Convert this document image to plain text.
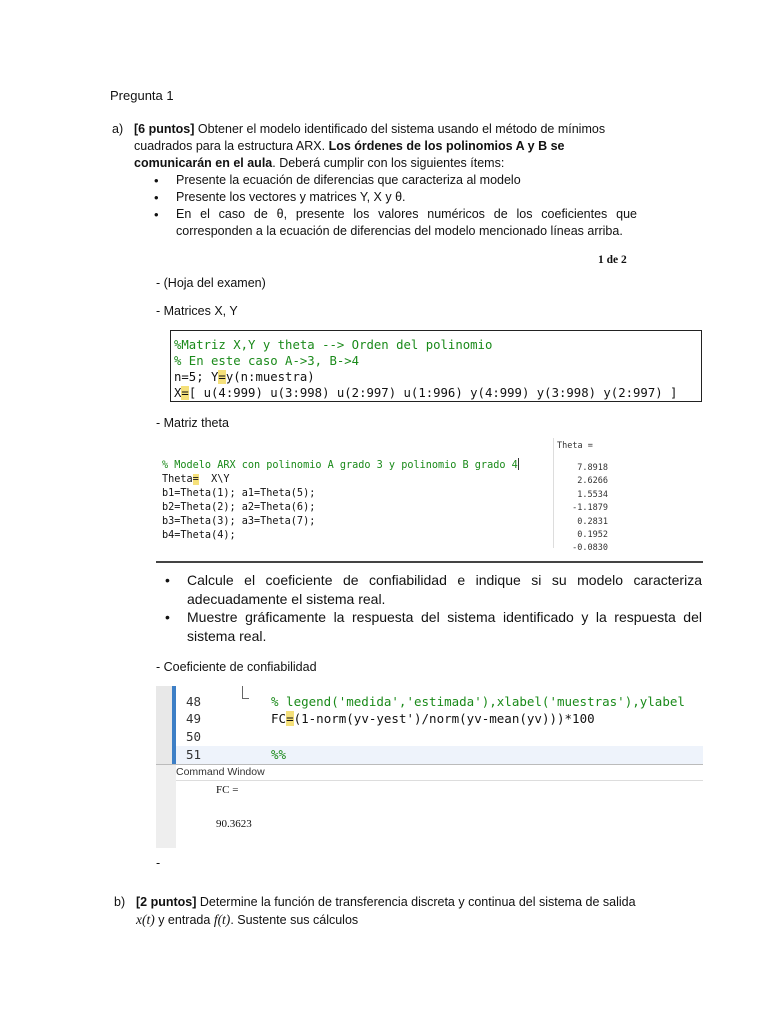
Pregunta 1
a) [6 puntos] Obtener el modelo identificado del sistema usando el método de mínimos cuadrados para la estructura ARX. Los órdenes de los polinomios A y B se comunicarán en el aula. Deberá cumplir con los siguientes ítems:
• Presente la ecuación de diferencias que caracteriza al modelo
• Presente los vectores y matrices Y, X y θ.
• En el caso de θ, presente los valores numéricos de los coeficientes que corresponden a la ecuación de diferencias del modelo mencionado líneas arriba.
1 de 2
- (Hoja del examen)
- Matrices X, Y
%Matriz X,Y y theta --> Orden del polinomio
% En este caso A->3, B->4
n=5; Y=y(n:muestra)
X=[ u(4:999) u(3:998) u(2:997) u(1:996) y(4:999) y(3:998) y(2:997) ]
- Matriz theta
% Modelo ARX con polinomio A grado 3 y polinomio B grado 4
Theta=  X\Y
b1=Theta(1); a1=Theta(5);
b2=Theta(2); a2=Theta(6);
b3=Theta(3); a3=Theta(7);
b4=Theta(4);
Theta =
7.8918
2.6266
1.5534
-1.1879
0.2831
0.1952
-0.0830
• Calcule el coeficiente de confiabilidad e indique si su modelo caracteriza adecuadamente el sistema real.
• Muestre gráficamente la respuesta del sistema identificado y la respuesta del sistema real.
- Coeficiente de confiabilidad
48	% legend('medida','estimada'),xlabel('muestras'),ylabel
49	FC=(1-norm(yv-yest')/norm(yv-mean(yv)))*100
50
51	%%
Command Window
FC =
90.3623
-
b) [2 puntos] Determine la función de transferencia discreta y continua del sistema de salida x(t) y entrada f(t). Sustente sus cálculos
